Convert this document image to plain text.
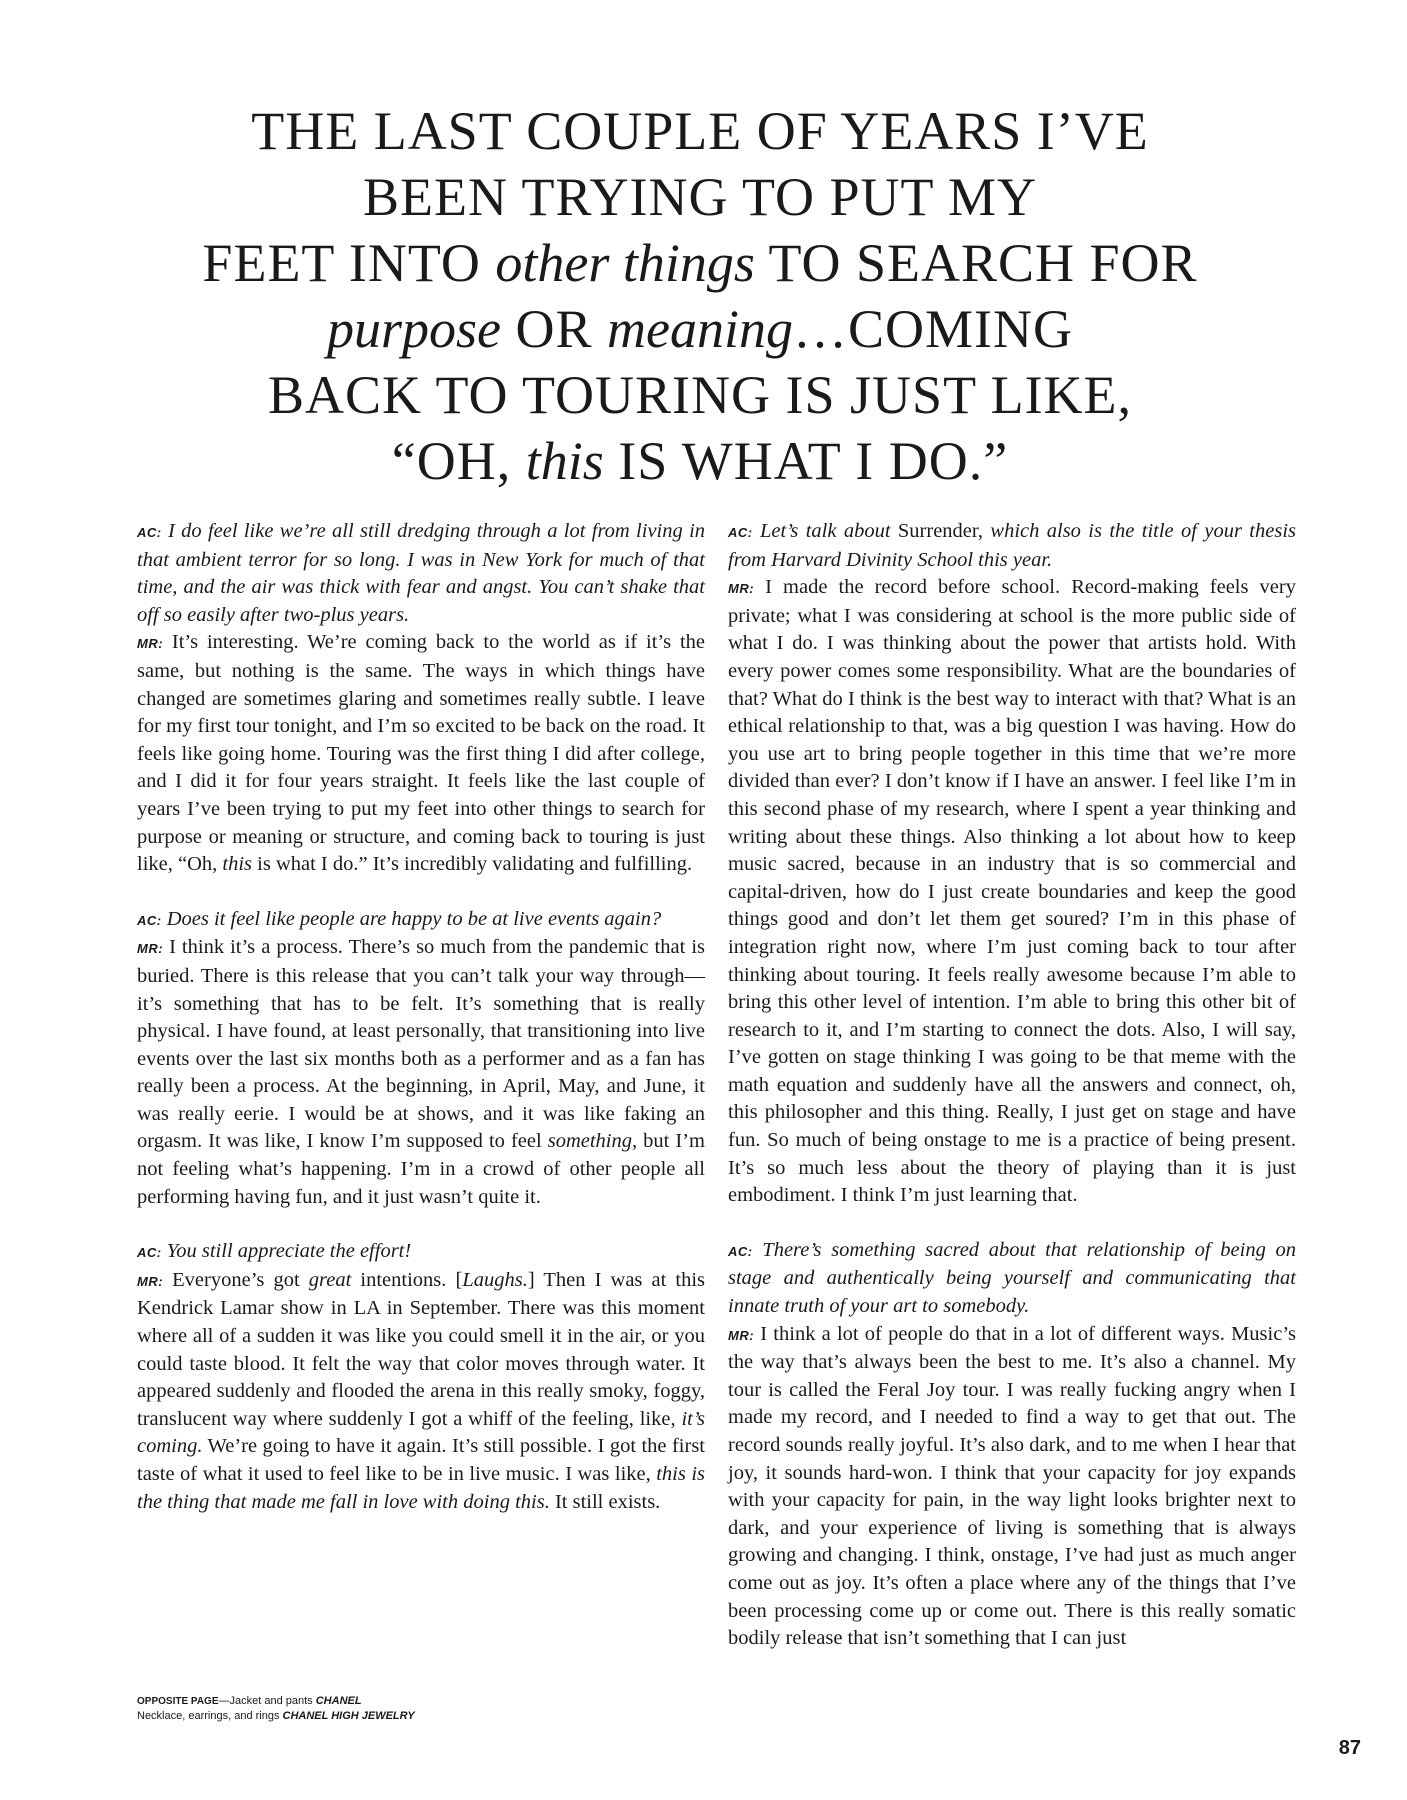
THE LAST COUPLE OF YEARS I’VE
BEEN TRYING TO PUT MY
FEET INTO other things TO SEARCH FOR
purpose OR meaning…COMING
BACK TO TOURING IS JUST LIKE,
“OH, this IS WHAT I DO.”

AC: I do feel like we’re all still dredging through a lot from living in that ambient terror for so long. I was in New York for much of that time, and the air was thick with fear and angst. You can’t shake that off so easily after two-plus years.

MR: It’s interesting. We’re coming back to the world as if it’s the same, but nothing is the same. The ways in which things have changed are sometimes glaring and sometimes really subtle. I leave for my first tour tonight, and I’m so excited to be back on the road. It feels like going home. Touring was the first thing I did after college, and I did it for four years straight. It feels like the last couple of years I’ve been trying to put my feet into other things to search for purpose or meaning or structure, and coming back to touring is just like, “Oh, this is what I do.” It’s incredibly validating and fulfilling.

AC: Does it feel like people are happy to be at live events again?

MR: I think it’s a process. There’s so much from the pandemic that is buried. There is this release that you can’t talk your way through—it’s something that has to be felt. It’s something that is really physical. I have found, at least personally, that transitioning into live events over the last six months both as a performer and as a fan has really been a process. At the beginning, in April, May, and June, it was really eerie. I would be at shows, and it was like faking an orgasm. It was like, I know I’m supposed to feel something, but I’m not feeling what’s happening. I’m in a crowd of other people all performing having fun, and it just wasn’t quite it.

AC: You still appreciate the effort!

MR: Everyone’s got great intentions. [Laughs.] Then I was at this Kendrick Lamar show in LA in September. There was this moment where all of a sudden it was like you could smell it in the air, or you could taste blood. It felt the way that color moves through water. It appeared suddenly and flooded the arena in this really smoky, foggy, translucent way where suddenly I got a whiff of the feeling, like, it’s coming. We’re going to have it again. It’s still possible. I got the first taste of what it used to feel like to be in live music. I was like, this is the thing that made me fall in love with doing this. It still exists.

AC: Let’s talk about Surrender, which also is the title of your thesis from Harvard Divinity School this year.

MR: I made the record before school. Record-making feels very private; what I was considering at school is the more public side of what I do. I was thinking about the power that artists hold. With every power comes some responsibility. What are the boundaries of that? What do I think is the best way to interact with that? What is an ethical relationship to that, was a big question I was having. How do you use art to bring people together in this time that we’re more divided than ever? I don’t know if I have an answer. I feel like I’m in this second phase of my research, where I spent a year thinking and writing about these things. Also thinking a lot about how to keep music sacred, because in an industry that is so commercial and capital-driven, how do I just create boundaries and keep the good things good and don’t let them get soured? I’m in this phase of integration right now, where I’m just coming back to tour after thinking about touring. It feels really awesome because I’m able to bring this other level of intention. I’m able to bring this other bit of research to it, and I’m starting to connect the dots. Also, I will say, I’ve gotten on stage thinking I was going to be that meme with the math equation and suddenly have all the answers and connect, oh, this philosopher and this thing. Really, I just get on stage and have fun. So much of being onstage to me is a practice of being present. It’s so much less about the theory of playing than it is just embodiment. I think I’m just learning that.

AC: There’s something sacred about that relationship of being on stage and authentically being yourself and communicating that innate truth of your art to somebody.

MR: I think a lot of people do that in a lot of different ways. Music’s the way that’s always been the best to me. It’s also a channel. My tour is called the Feral Joy tour. I was really fucking angry when I made my record, and I needed to find a way to get that out. The record sounds really joyful. It’s also dark, and to me when I hear that joy, it sounds hard-won. I think that your capacity for joy expands with your capacity for pain, in the way light looks brighter next to dark, and your experience of living is something that is always growing and changing. I think, onstage, I’ve had just as much anger come out as joy. It’s often a place where any of the things that I’ve been processing come up or come out. There is this really somatic bodily release that isn’t something that I can just

OPPOSITE PAGE—Jacket and pants CHANEL
Necklace, earrings, and rings CHANEL HIGH JEWELRY
87
